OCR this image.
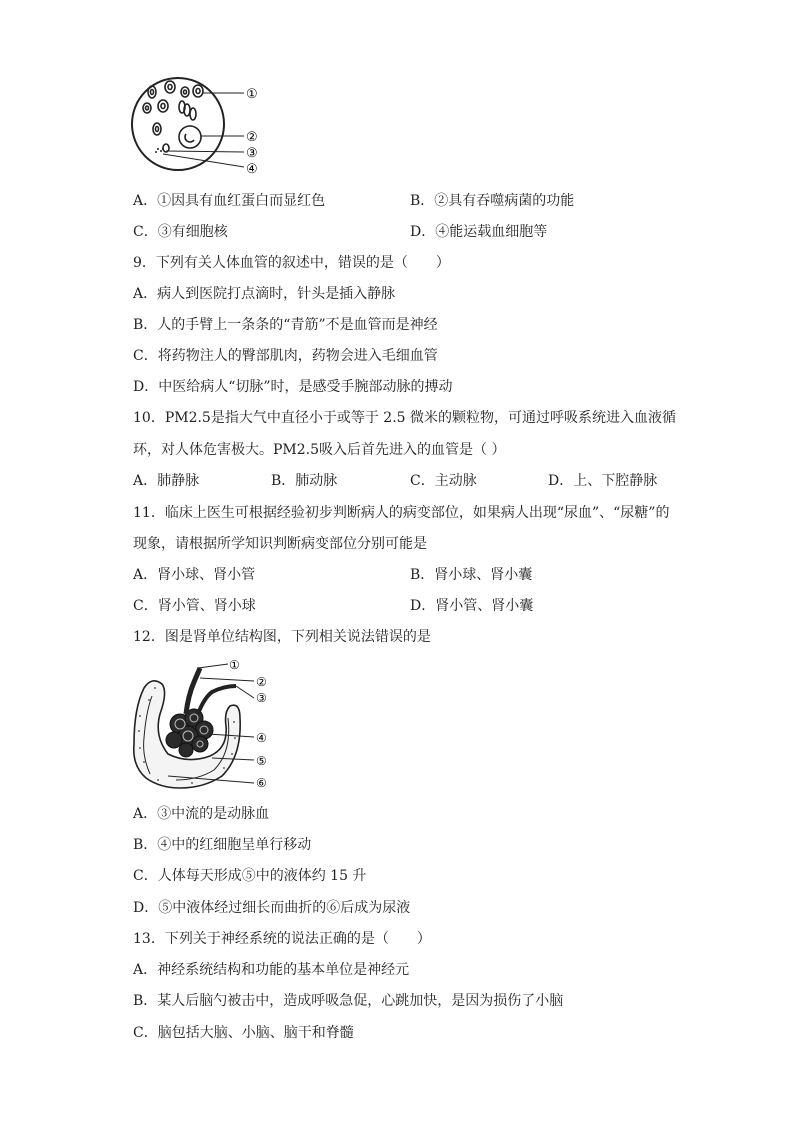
①
②
③
④
A．①因具有血红蛋白而显红色	B．②具有吞噬病菌的功能
C．③有细胞核	D．④能运载血细胞等
9．下列有关人体血管的叙述中，错误的是（　　）
A．病人到医院打点滴时，针头是插入静脉
B．人的手臂上一条条的“青筋”不是血管而是神经
C．将药物注人的臀部肌肉，药物会进入毛细血管
D．中医给病人“切脉”时，是感受手腕部动脉的搏动
10．PM2.5是指大气中直径小于或等于 2.5 微米的颗粒物，可通过呼吸系统进入血液循
环，对人体危害极大。PM2.5吸入后首先进入的血管是（ ）
A．肺静脉	B．肺动脉	C．主动脉	D．上、下腔静脉
11．临床上医生可根据经验初步判断病人的病变部位，如果病人出现“尿血”、“尿糖”的
现象，请根据所学知识判断病变部位分别可能是
A．肾小球、肾小管	B．肾小球、肾小囊
C．肾小管、肾小球	D．肾小管、肾小囊
12．图是肾单位结构图，下列相关说法错误的是
①
②
③
④
⑤
⑥
A．③中流的是动脉血
B．④中的红细胞呈单行移动
C．人体每天形成⑤中的液体约 15 升
D．⑤中液体经过细长而曲折的⑥后成为尿液
13．下列关于神经系统的说法正确的是（　　）
A．神经系统结构和功能的基本单位是神经元
B．某人后脑勺被击中，造成呼吸急促，心跳加快，是因为损伤了小脑
C．脑包括大脑、小脑、脑干和脊髓
